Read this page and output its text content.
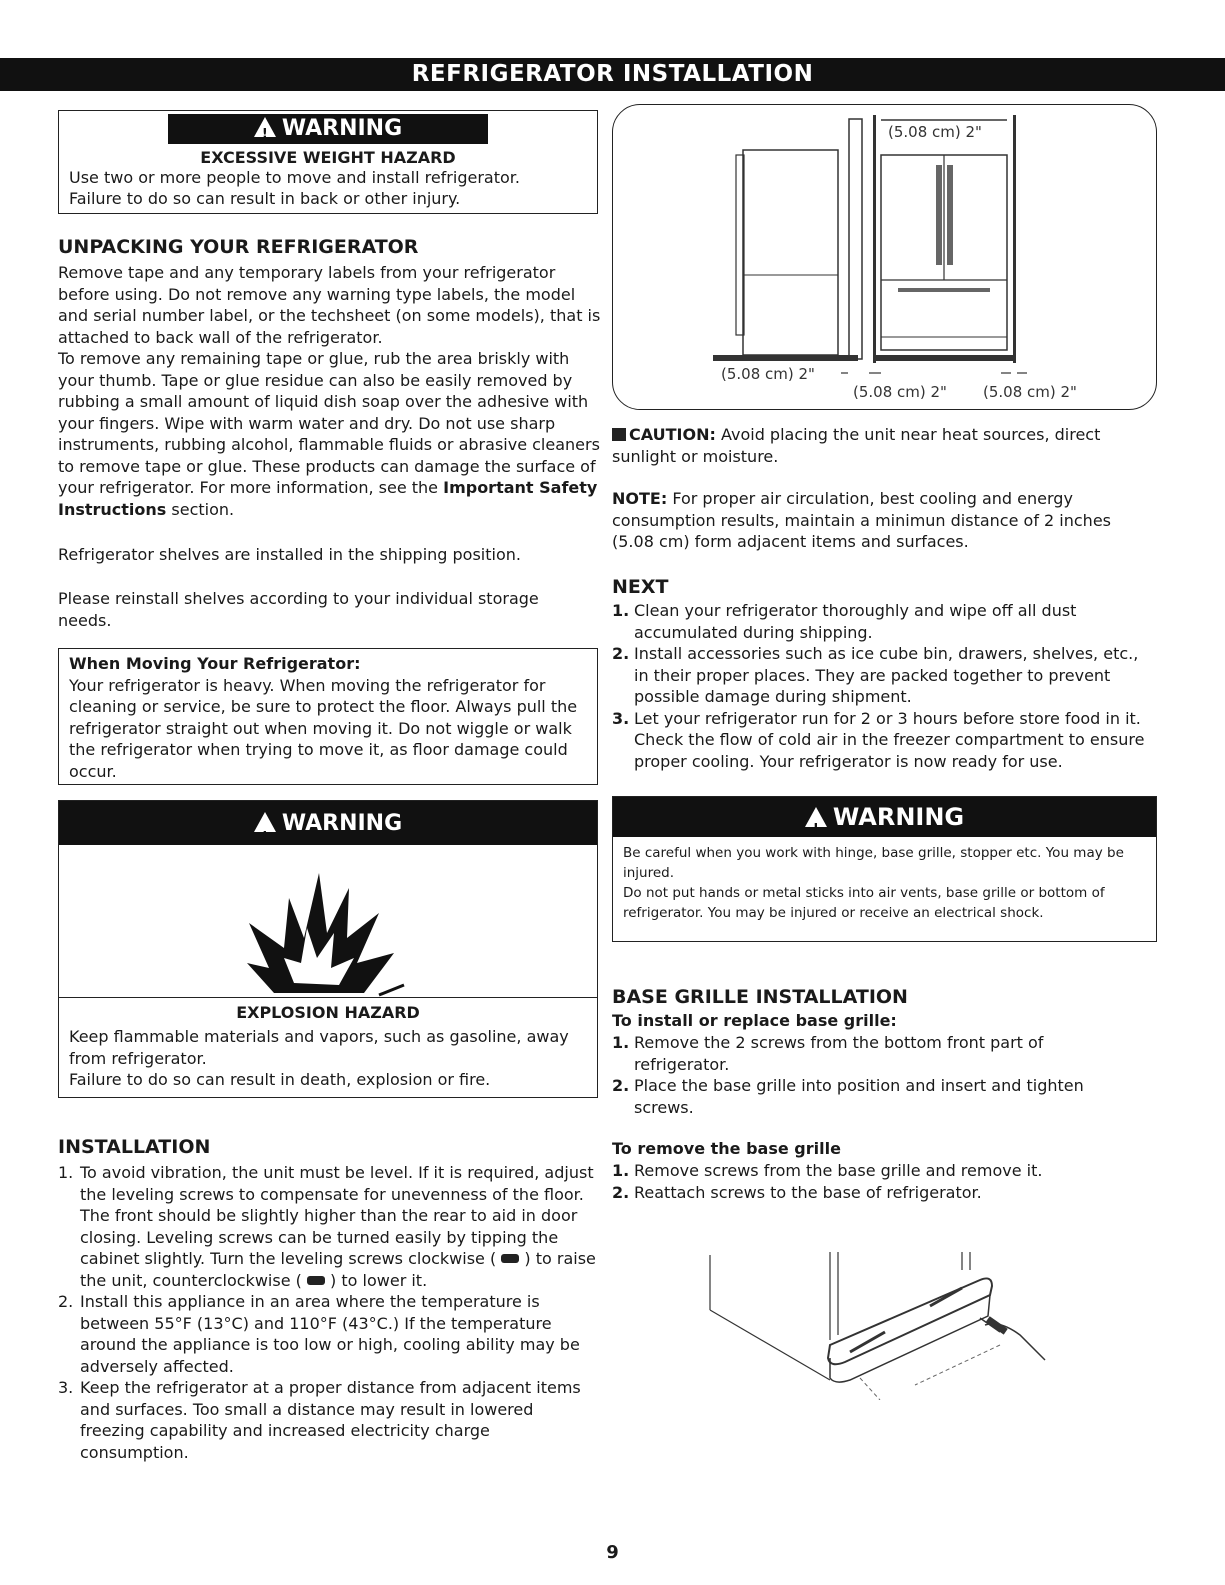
REFRIGERATOR INSTALLATION
!WARNING
EXCESSIVE WEIGHT HAZARD
Use two or more people to move and install refrigerator.
Failure to do so can result in back or other injury.
UNPACKING YOUR REFRIGERATOR
Remove tape and any temporary labels from your refrigerator before using. Do not remove any warning type labels, the model and serial number label, or the techsheet (on some models), that is attached to back wall of the refrigerator.
To remove any remaining tape or glue, rub the area briskly with your thumb. Tape or glue residue can also be easily removed by rubbing a small amount of liquid dish soap over the adhesive with your fingers. Wipe with warm water and dry. Do not use sharp instruments, rubbing alcohol, flammable fluids or abrasive cleaners to remove tape or glue. These products can damage the surface of your refrigerator. For more information, see the Important Safety Instructions section.
Refrigerator shelves are installed in the shipping position.
Please reinstall shelves according to your individual storage needs.
When Moving Your Refrigerator:
Your refrigerator is heavy. When moving the refrigerator for cleaning or service, be sure to protect the floor. Always pull the refrigerator straight out when moving it. Do not wiggle or walk the refrigerator when trying to move it, as floor damage could occur.
!WARNING
EXPLOSION HAZARD
Keep flammable materials and vapors, such as gasoline, away from refrigerator.
Failure to do so can result in death, explosion or fire.
INSTALLATION
1. To avoid vibration, the unit must be level. If it is required, adjust the leveling screws to compensate for unevenness of the floor. The front should be slightly higher than the rear to aid in door closing. Leveling screws can be turned easily by tipping the cabinet slightly. Turn the leveling screws clockwise ( ) to raise the unit, counterclockwise ( ) to lower it.
2. Install this appliance in an area where the temperature is between 55°F (13°C) and 110°F (43°C.) If the temperature around the appliance is too low or high, cooling ability may be adversely affected.
3. Keep the refrigerator at a proper distance from adjacent items and surfaces. Too small a distance may result in lowered freezing capability and increased electricity charge consumption.
(5.08 cm) 2"
(5.08 cm) 2"
(5.08 cm) 2" (5.08 cm) 2"
CAUTION: Avoid placing the unit near heat sources, direct sunlight or moisture.
NOTE: For proper air circulation, best cooling and energy consumption results, maintain a minimun distance of 2 inches (5.08 cm) form adjacent items and surfaces.
NEXT
1. Clean your refrigerator thoroughly and wipe off all dust accumulated during shipping.
2. Install accessories such as ice cube bin, drawers, shelves, etc., in their proper places. They are packed together to prevent possible damage during shipment.
3. Let your refrigerator run for 2 or 3 hours before store food in it. Check the flow of cold air in the freezer compartment to ensure proper cooling. Your refrigerator is now ready for use.
!WARNING
Be careful when you work with hinge, base grille, stopper etc. You may be injured.
Do not put hands or metal sticks into air vents, base grille or bottom of refrigerator. You may be injured or receive an electrical shock.
BASE GRILLE INSTALLATION
To install or replace base grille:
1. Remove the 2 screws from the bottom front part of refrigerator.
2. Place the base grille into position and insert and tighten screws.
To remove the base grille
1. Remove screws from the base grille and remove it.
2. Reattach screws to the base of refrigerator.
9
